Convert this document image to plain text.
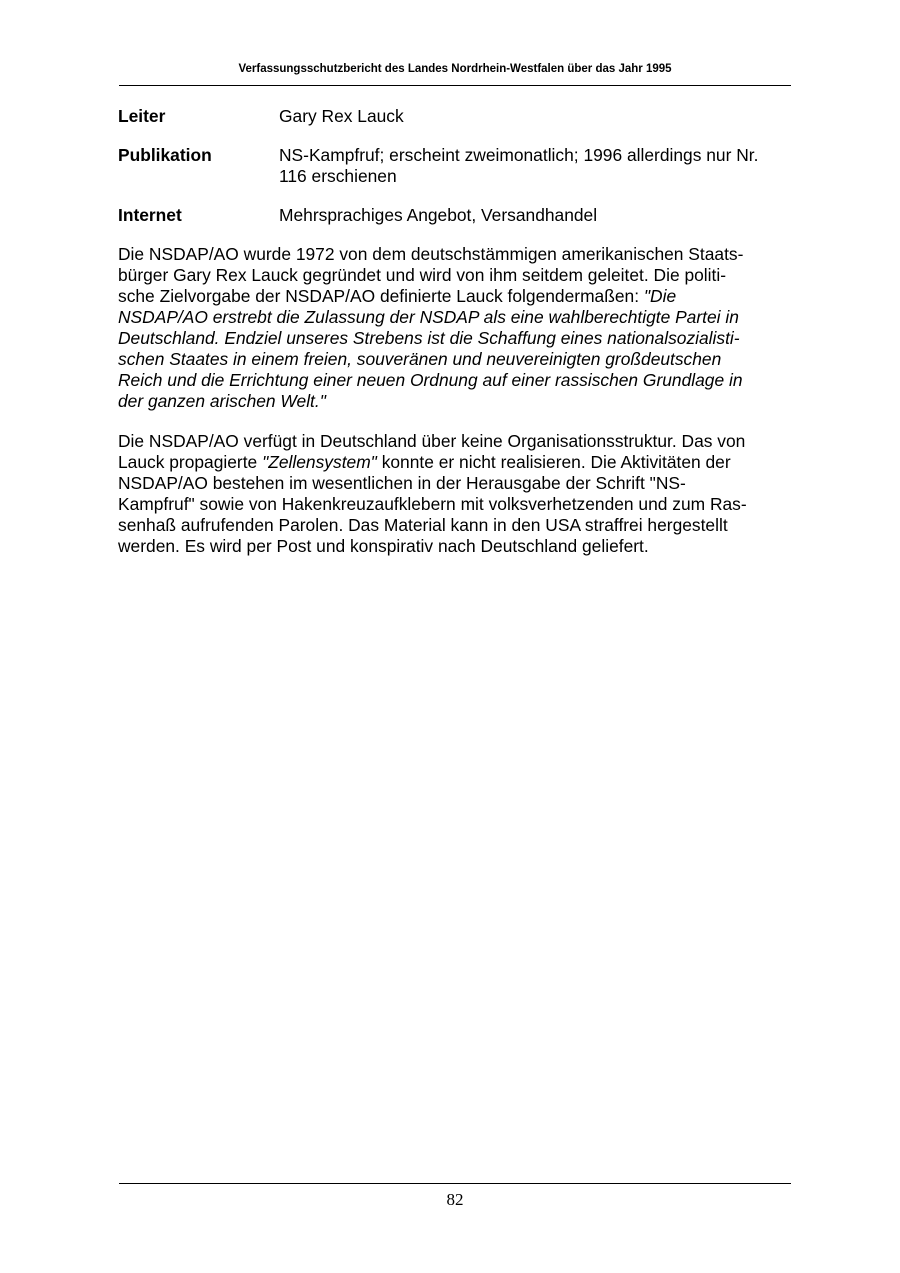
Verfassungsschutzbericht des Landes Nordrhein-Westfalen über das Jahr 1995
Leiter	Gary Rex Lauck
Publikation	NS-Kampfruf; erscheint zweimonatlich; 1996 allerdings nur Nr.
116 erschienen
Internet	Mehrsprachiges Angebot, Versandhandel
Die NSDAP/AO wurde 1972 von dem deutschstämmigen amerikanischen Staats-
bürger Gary Rex Lauck gegründet und wird von ihm seitdem geleitet. Die politi-
sche Zielvorgabe der NSDAP/AO definierte Lauck folgendermaßen: "Die
NSDAP/AO erstrebt die Zulassung der NSDAP als eine wahlberechtigte Partei in
Deutschland. Endziel unseres Strebens ist die Schaffung eines nationalsozialisti-
schen Staates in einem freien, souveränen und neuvereinigten großdeutschen
Reich und die Errichtung einer neuen Ordnung auf einer rassischen Grundlage in
der ganzen arischen Welt."
Die NSDAP/AO verfügt in Deutschland über keine Organisationsstruktur. Das von
Lauck propagierte "Zellensystem" konnte er nicht realisieren. Die Aktivitäten der
NSDAP/AO bestehen im wesentlichen in der Herausgabe der Schrift "NS-
Kampfruf" sowie von Hakenkreuzaufklebern mit volksverhetzenden und zum Ras-
senhaß aufrufenden Parolen. Das Material kann in den USA straffrei hergestellt
werden. Es wird per Post und konspirativ nach Deutschland geliefert.
82
